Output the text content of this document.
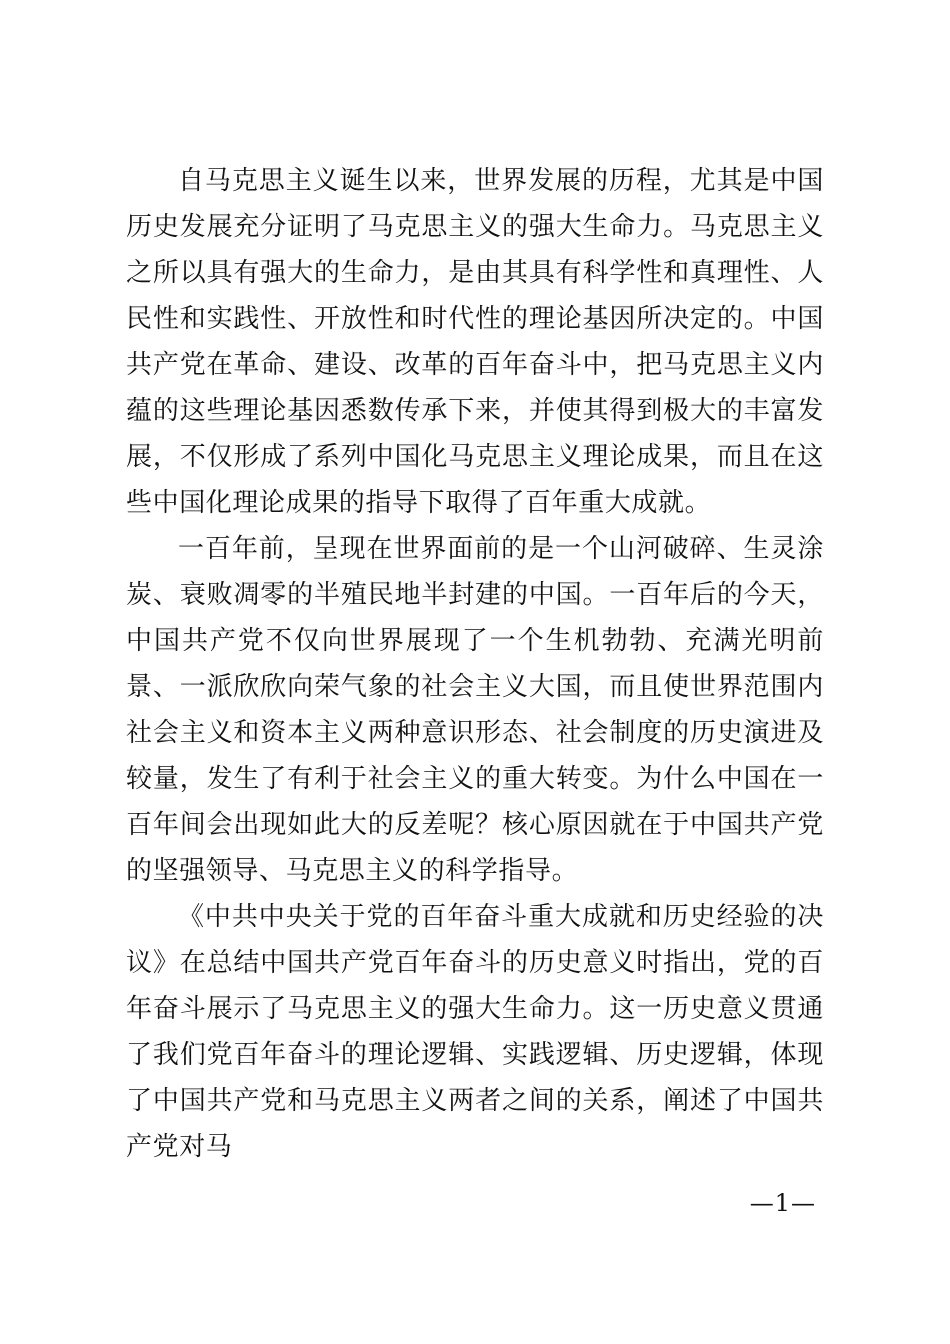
自马克思主义诞生以来，世界发展的历程，尤其是中国历史发展充分证明了马克思主义的强大生命力。马克思主义之所以具有强大的生命力，是由其具有科学性和真理性、人民性和实践性、开放性和时代性的理论基因所决定的。中国共产党在革命、建设、改革的百年奋斗中，把马克思主义内蕴的这些理论基因悉数传承下来，并使其得到极大的丰富发展，不仅形成了系列中国化马克思主义理论成果，而且在这些中国化理论成果的指导下取得了百年重大成就。

一百年前，呈现在世界面前的是一个山河破碎、生灵涂炭、衰败凋零的半殖民地半封建的中国。一百年后的今天，中国共产党不仅向世界展现了一个生机勃勃、充满光明前景、一派欣欣向荣气象的社会主义大国，而且使世界范围内社会主义和资本主义两种意识形态、社会制度的历史演进及较量，发生了有利于社会主义的重大转变。为什么中国在一百年间会出现如此大的反差呢？核心原因就在于中国共产党的坚强领导、马克思主义的科学指导。

《中共中央关于党的百年奋斗重大成就和历史经验的决议》在总结中国共产党百年奋斗的历史意义时指出，党的百年奋斗展示了马克思主义的强大生命力。这一历史意义贯通了我们党百年奋斗的理论逻辑、实践逻辑、历史逻辑，体现了中国共产党和马克思主义两者之间的关系，阐述了中国共产党对马

—1—
